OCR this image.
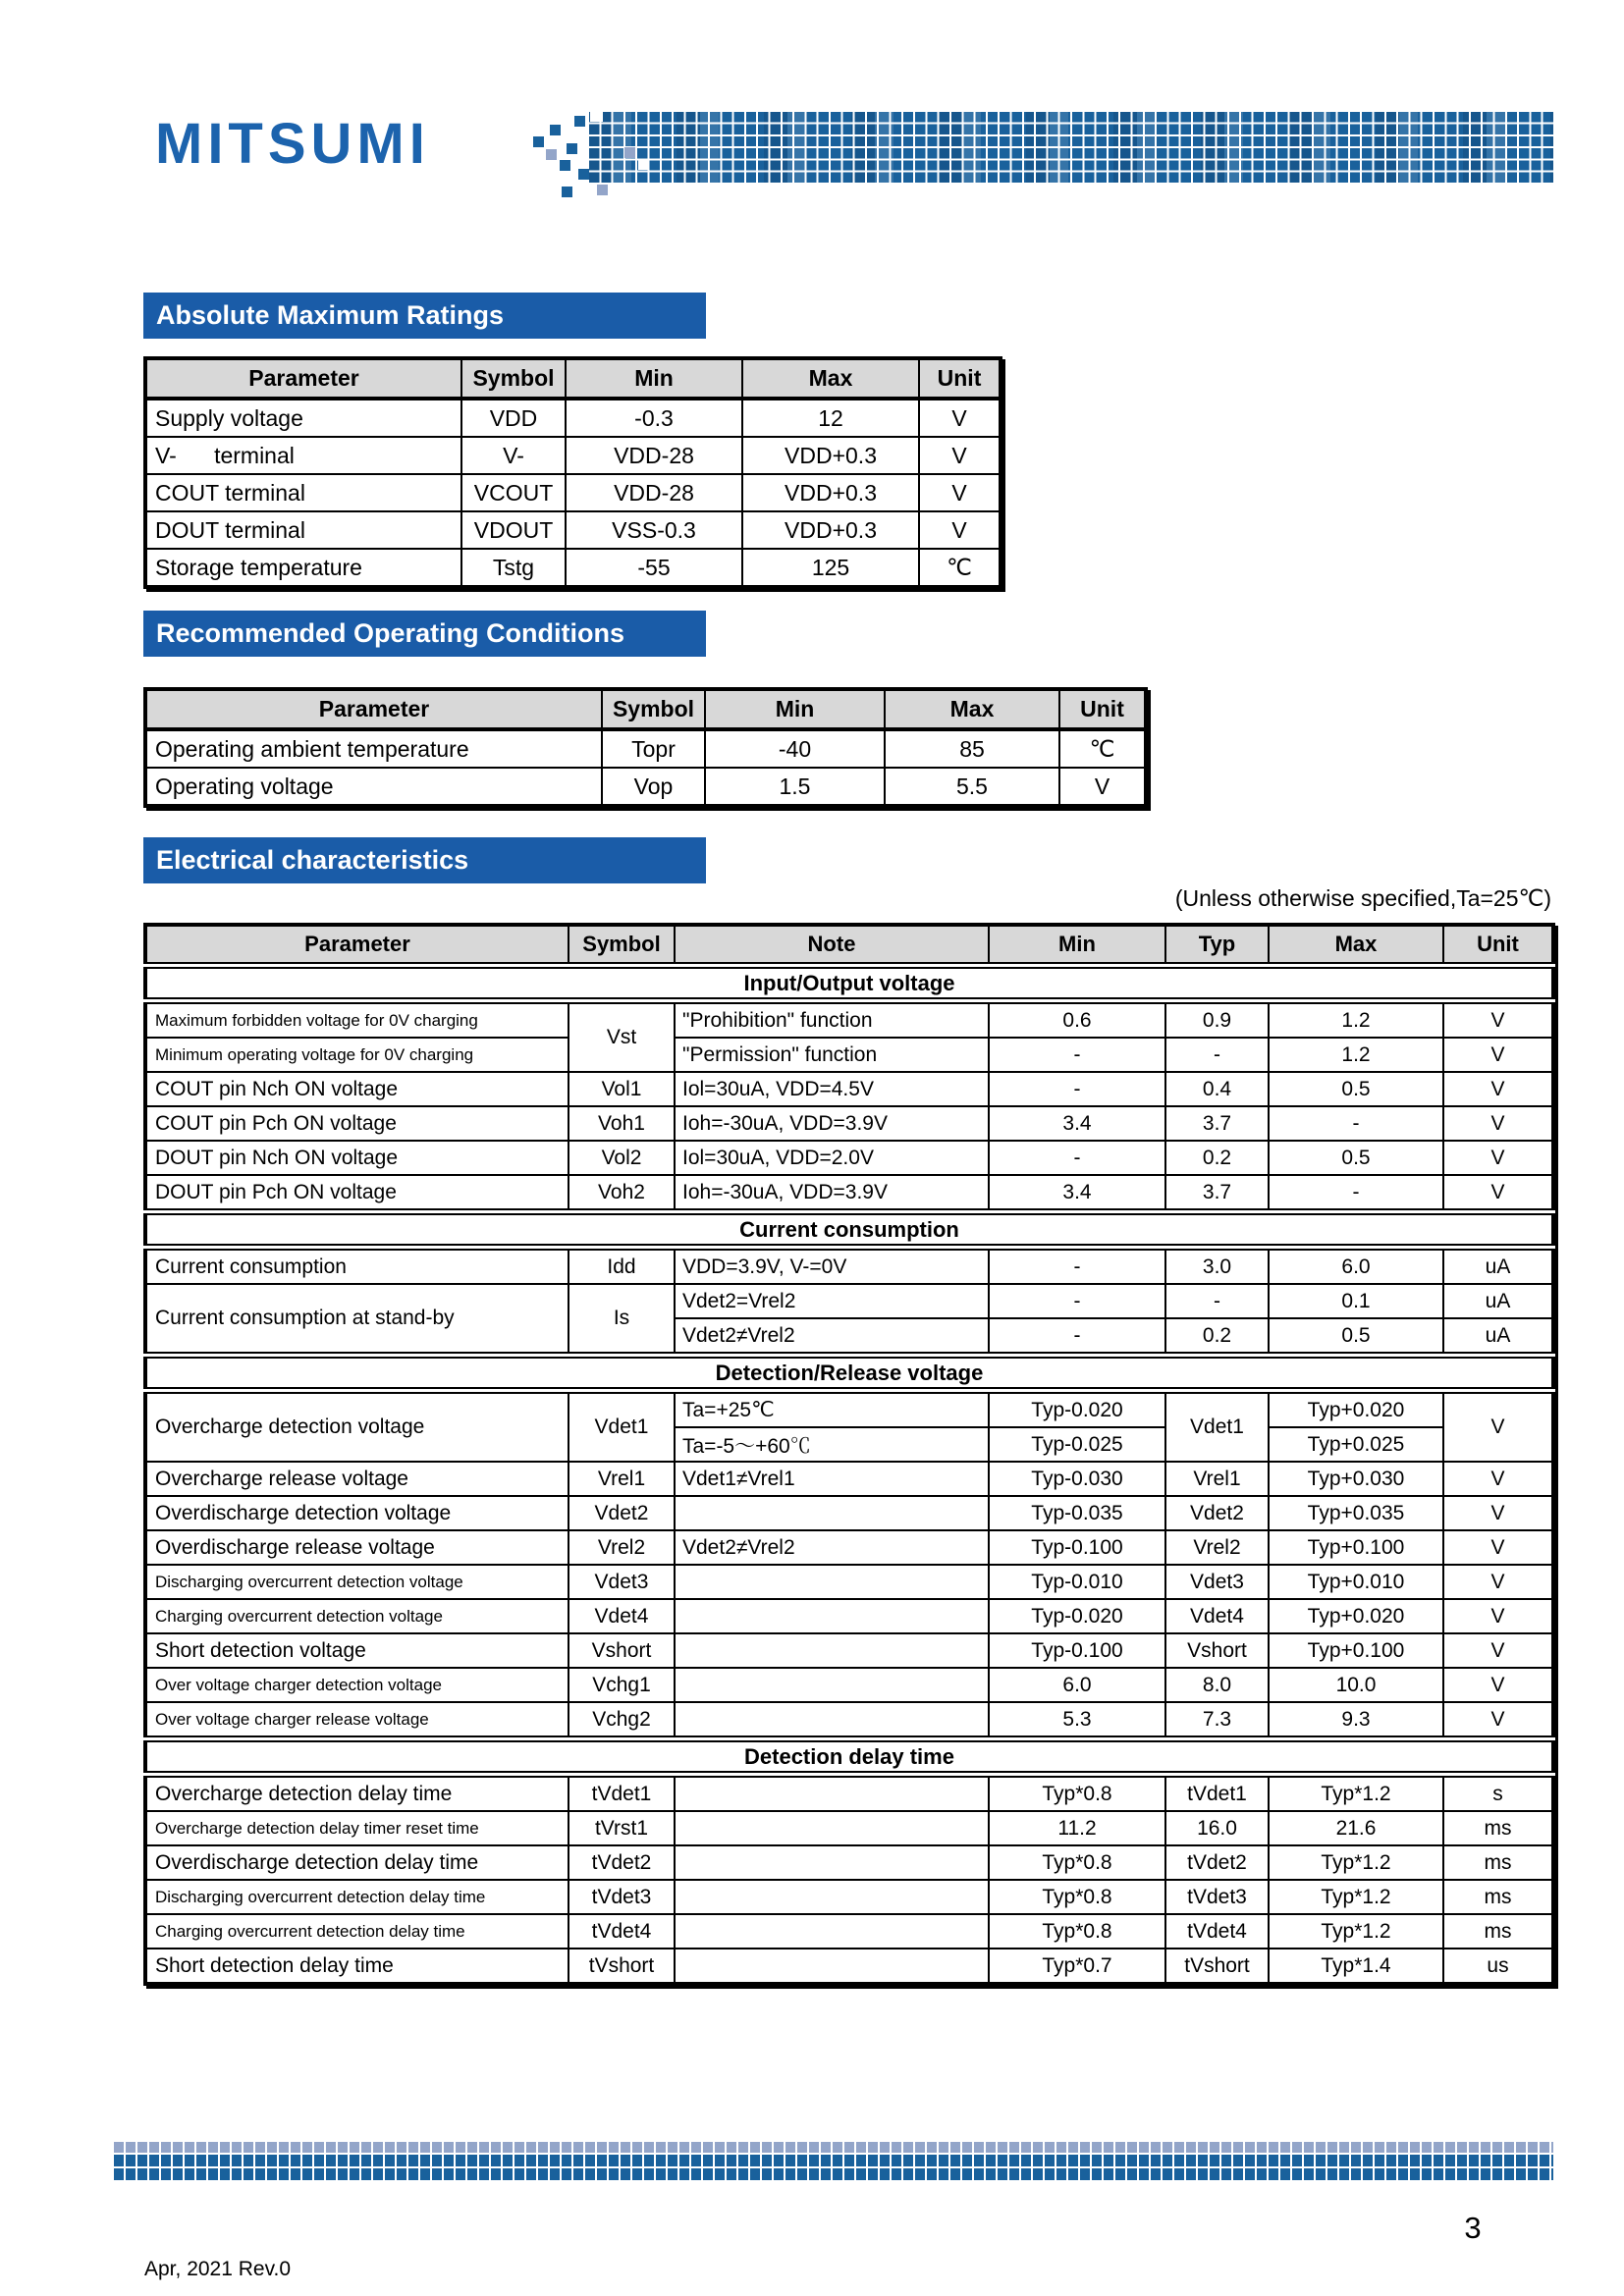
MITSUMI
Absolute Maximum Ratings
Parameter	Symbol	Min	Max	Unit
Supply voltage	VDD	-0.3	12	V
V-      terminal	V-	VDD-28	VDD+0.3	V
COUT terminal	VCOUT	VDD-28	VDD+0.3	V
DOUT terminal	VDOUT	VSS-0.3	VDD+0.3	V
Storage temperature	Tstg	-55	125	℃
Recommended Operating Conditions
Parameter	Symbol	Min	Max	Unit
Operating ambient temperature	Topr	-40	85	℃
Operating voltage	Vop	1.5	5.5	V
Electrical characteristics
(Unless otherwise specified,Ta=25℃)
Parameter	Symbol	Note	Min	Typ	Max	Unit
Input/Output voltage						
Maximum forbidden voltage for 0V charging	Vst	"Prohibition" function	0.6	0.9	1.2	V
Minimum operating voltage for 0V charging		"Permission" function	-	-	1.2	V
COUT pin Nch ON voltage	Vol1	Iol=30uA, VDD=4.5V	-	0.4	0.5	V
COUT pin Pch ON voltage	Voh1	Ioh=-30uA, VDD=3.9V	3.4	3.7	-	V
DOUT pin Nch ON voltage	Vol2	Iol=30uA, VDD=2.0V	-	0.2	0.5	V
DOUT pin Pch ON voltage	Voh2	Ioh=-30uA, VDD=3.9V	3.4	3.7	-	V
Current consumption						
Current consumption	Idd	VDD=3.9V, V-=0V	-	3.0	6.0	uA
Current consumption at stand-by	Is	Vdet2=Vrel2	-	-	0.1	uA
		Vdet2≠Vrel2	-	0.2	0.5	uA
Detection/Release voltage						
Overcharge detection voltage	Vdet1	Ta=+25℃	Typ-0.020	Vdet1	Typ+0.020	V
		Ta=-5～+60℃	Typ-0.025		Typ+0.025	
Overcharge release voltage	Vrel1	Vdet1≠Vrel1	Typ-0.030	Vrel1	Typ+0.030	V
Overdischarge detection voltage	Vdet2		Typ-0.035	Vdet2	Typ+0.035	V
Overdischarge release voltage	Vrel2	Vdet2≠Vrel2	Typ-0.100	Vrel2	Typ+0.100	V
Discharging overcurrent detection voltage	Vdet3		Typ-0.010	Vdet3	Typ+0.010	V
Charging overcurrent detection voltage	Vdet4		Typ-0.020	Vdet4	Typ+0.020	V
Short detection voltage	Vshort		Typ-0.100	Vshort	Typ+0.100	V
Over voltage charger detection voltage	Vchg1		6.0	8.0	10.0	V
Over voltage charger release voltage	Vchg2		5.3	7.3	9.3	V
Detection delay time						
Overcharge detection delay time	tVdet1		Typ*0.8	tVdet1	Typ*1.2	s
Overcharge detection delay timer reset time	tVrst1		11.2	16.0	21.6	ms
Overdischarge detection delay time	tVdet2		Typ*0.8	tVdet2	Typ*1.2	ms
Discharging overcurrent detection delay time	tVdet3		Typ*0.8	tVdet3	Typ*1.2	ms
Charging overcurrent detection delay time	tVdet4		Typ*0.8	tVdet4	Typ*1.2	ms
Short detection delay time	tVshort		Typ*0.7	tVshort	Typ*1.4	us
3
Apr, 2021 Rev.0
